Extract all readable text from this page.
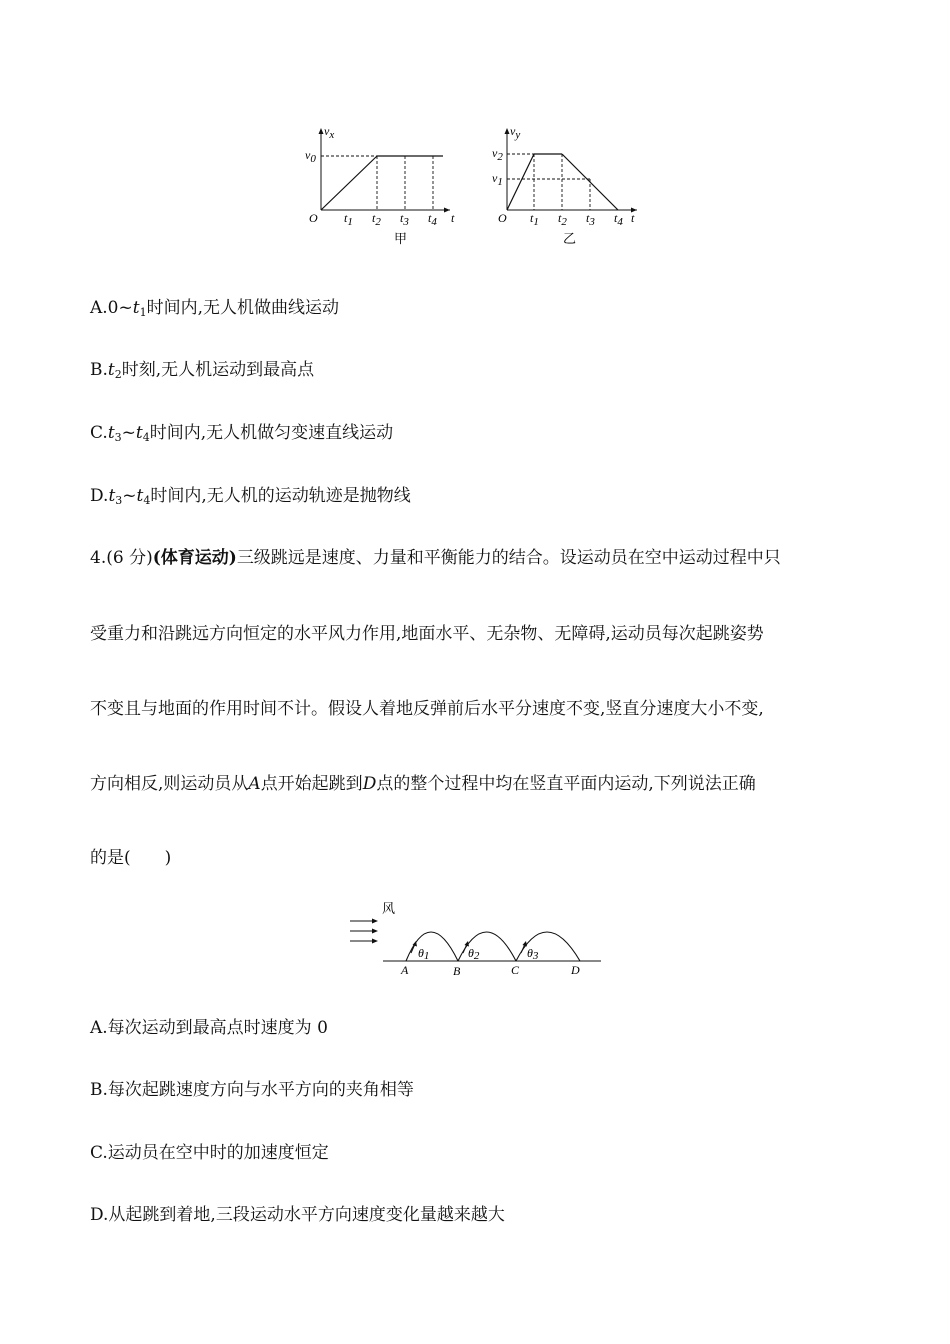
vx
v0
O	t
t1 t2 t3 t4
甲
vy
v2
v1
O	t
t1 t2 t3 t4
乙
$A.0\sim t_1$时间内,无人机做曲线运动
$B.t_2$时刻,无人机运动到最高点
$C.t_3\sim t_4$时间内,无人机做匀变速直线运动
$D.t_3\sim t_4$时间内,无人机的运动轨迹是抛物线
4.(6 分)(体育运动)三级跳远是速度、力量和平衡能力的结合。设运动员在空中运动过程中只
受重力和沿跳远方向恒定的水平风力作用,地面水平、无杂物、无障碍,运动员每次起跳姿势
不变且与地面的作用时间不计。假设人着地反弹前后水平分速度不变,竖直分速度大小不变,
方向相反,则运动员从A点开始起跳到D点的整个过程中均在竖直平面内运动,下列说法正确
的是(　　)
风
θ1	θ2	θ3
A	B	C	D
A.每次运动到最高点时速度为 0
B.每次起跳速度方向与水平方向的夹角相等
C.运动员在空中时的加速度恒定
D.从起跳到着地,三段运动水平方向速度变化量越来越大
